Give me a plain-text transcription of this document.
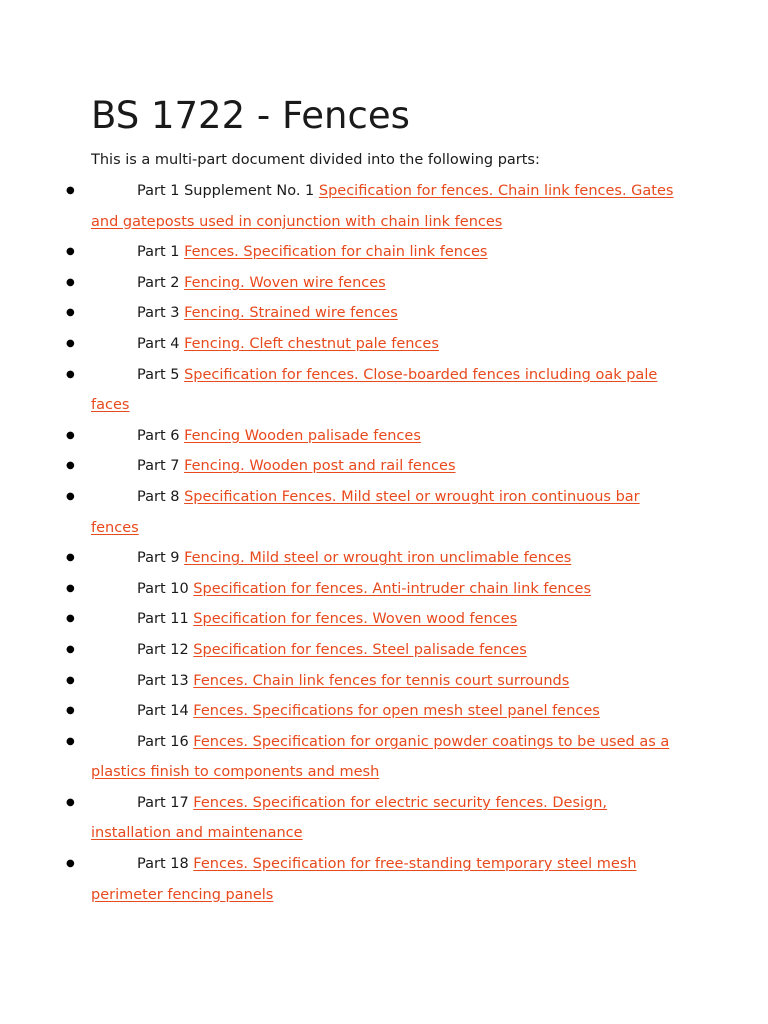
BS 1722 - Fences
This is a multi-part document divided into the following parts:
●	Part 1 Supplement No. 1 Specification for fences. Chain link fences. Gates and gateposts used in conjunction with chain link fences
●	Part 1 Fences. Specification for chain link fences
●	Part 2 Fencing. Woven wire fences
●	Part 3 Fencing. Strained wire fences
●	Part 4 Fencing. Cleft chestnut pale fences
●	Part 5 Specification for fences. Close-boarded fences including oak pale faces
●	Part 6 Fencing Wooden palisade fences
●	Part 7 Fencing. Wooden post and rail fences
●	Part 8 Specification Fences. Mild steel or wrought iron continuous bar fences
●	Part 9 Fencing. Mild steel or wrought iron unclimable fences
●	Part 10 Specification for fences. Anti-intruder chain link fences
●	Part 11 Specification for fences. Woven wood fences
●	Part 12 Specification for fences. Steel palisade fences
●	Part 13 Fences. Chain link fences for tennis court surrounds
●	Part 14 Fences. Specifications for open mesh steel panel fences
●	Part 16 Fences. Specification for organic powder coatings to be used as a plastics finish to components and mesh
●	Part 17 Fences. Specification for electric security fences. Design, installation and maintenance
●	Part 18 Fences. Specification for free-standing temporary steel mesh perimeter fencing panels
